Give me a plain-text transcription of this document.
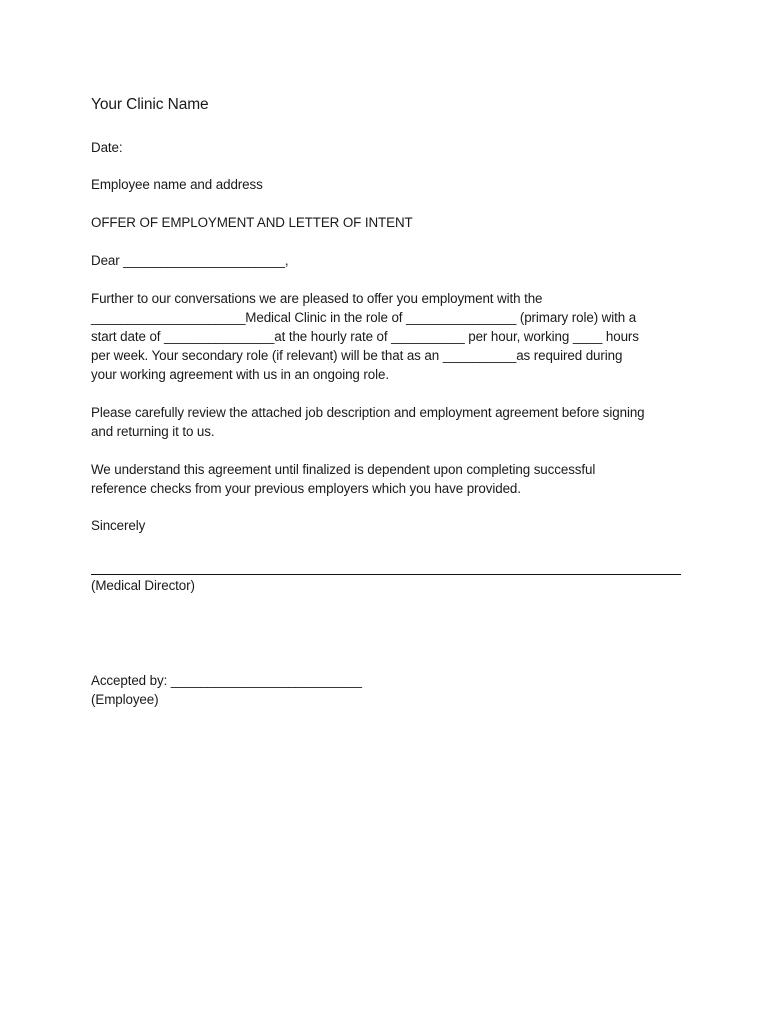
Your Clinic Name
Date:
Employee name and address
OFFER OF EMPLOYMENT AND LETTER OF INTENT
Dear ______________________,
Further to our conversations we are pleased to offer you employment with the
_____________________Medical Clinic in the role of _______________ (primary role) with a
start date of _______________at the hourly rate of __________ per hour, working ____ hours
per week. Your secondary role (if relevant) will be that as an __________as required during
your working agreement with us in an ongoing role.
Please carefully review the attached job description and employment agreement before signing
and returning it to us.
We understand this agreement until finalized is dependent upon completing successful
reference checks from your previous employers which you have provided.
Sincerely
(Medical Director)
Accepted by: __________________________
(Employee)
